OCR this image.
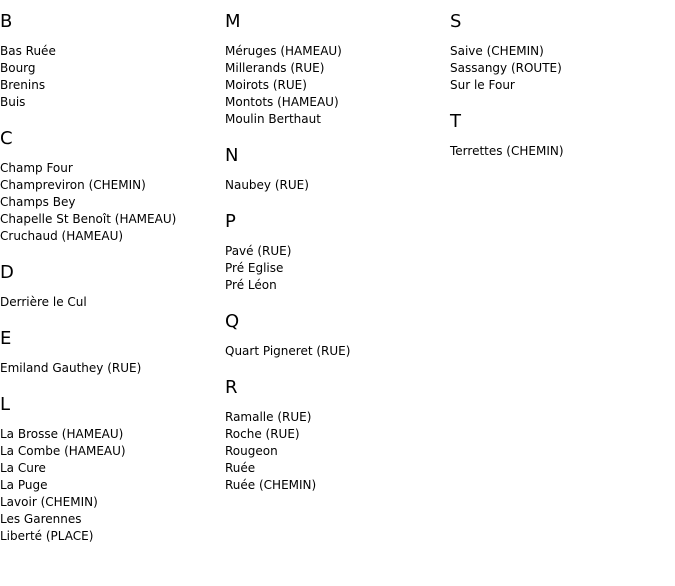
B
Bas Ruée
Bourg
Brenins
Buis
C
Champ Four
Champreviron (CHEMIN)
Champs Bey
Chapelle St Benoît (HAMEAU)
Cruchaud (HAMEAU)
D
Derrière le Cul
E
Emiland Gauthey (RUE)
L
La Brosse (HAMEAU)
La Combe (HAMEAU)
La Cure
La Puge
Lavoir (CHEMIN)
Les Garennes
Liberté (PLACE)
M
Méruges (HAMEAU)
Millerands (RUE)
Moirots (RUE)
Montots (HAMEAU)
Moulin Berthaut
N
Naubey (RUE)
P
Pavé (RUE)
Pré Eglise
Pré Léon
Q
Quart Pigneret (RUE)
R
Ramalle (RUE)
Roche (RUE)
Rougeon
Ruée
Ruée (CHEMIN)
S
Saive (CHEMIN)
Sassangy (ROUTE)
Sur le Four
T
Terrettes (CHEMIN)
